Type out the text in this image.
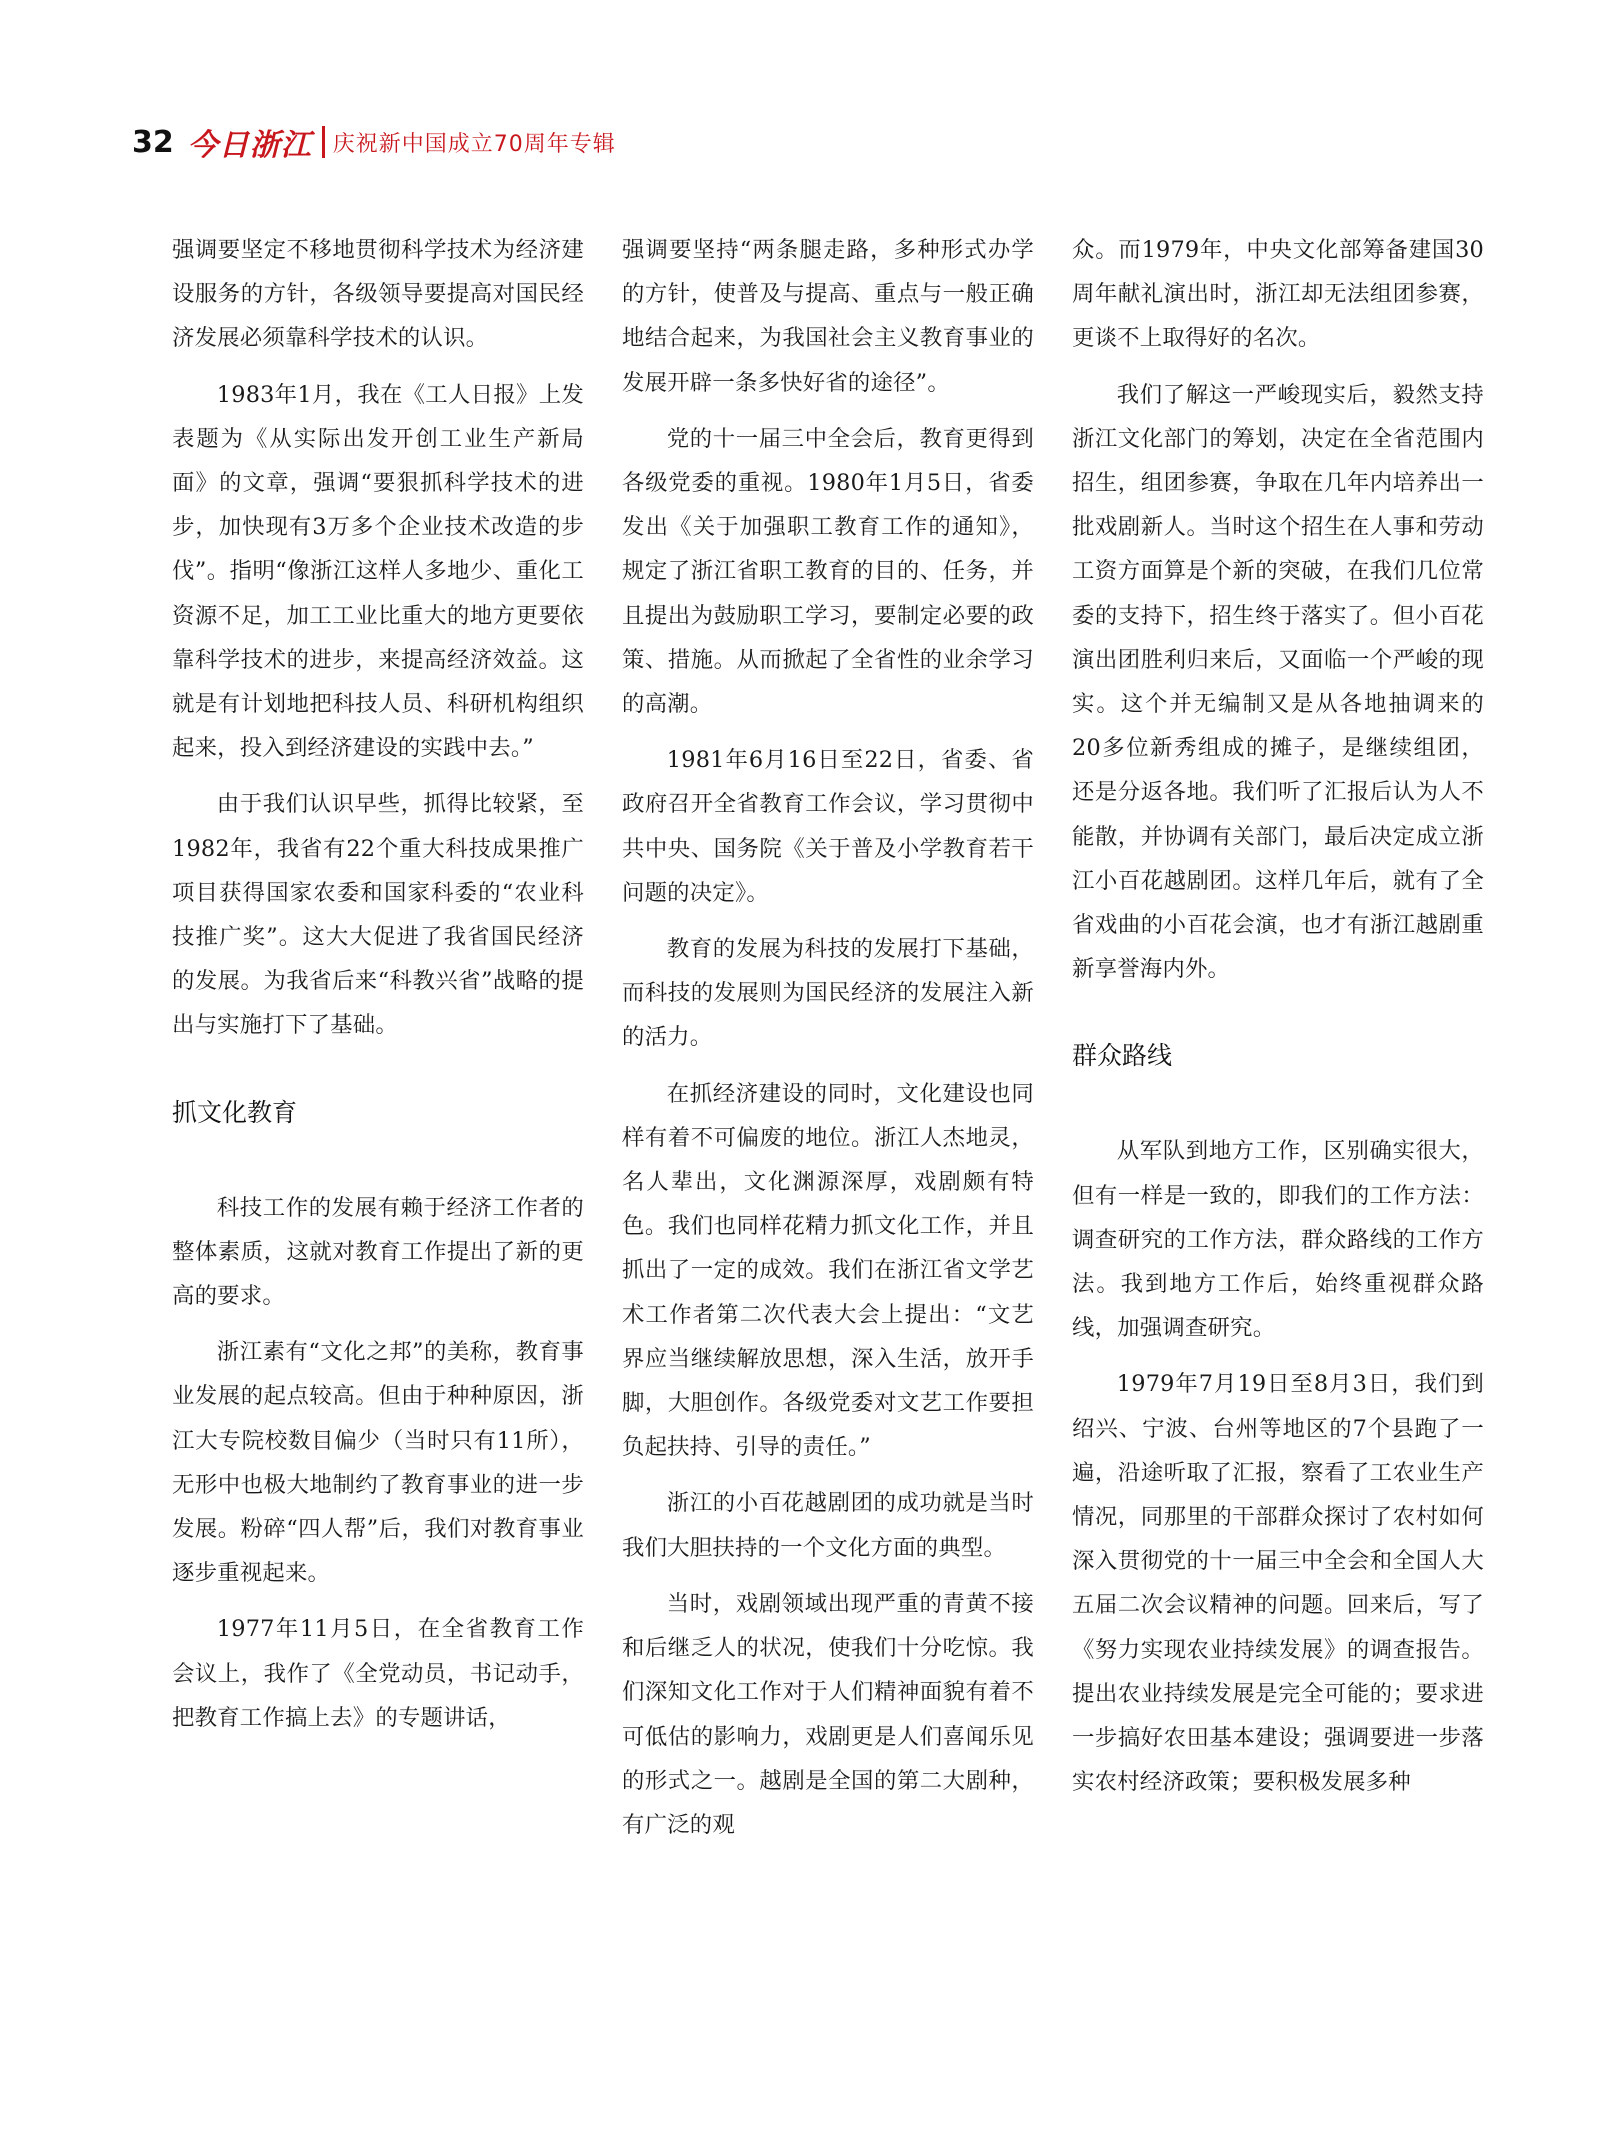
32 今日浙江 庆祝新中国成立70周年专辑

强调要坚定不移地贯彻科学技术为经济建设服务的方针，各级领导要提高对国民经济发展必须靠科学技术的认识。

1983年1月，我在《工人日报》上发表题为《从实际出发开创工业生产新局面》的文章，强调“要狠抓科学技术的进步，加快现有3万多个企业技术改造的步伐”。指明“像浙江这样人多地少、重化工资源不足，加工工业比重大的地方更要依靠科学技术的进步，来提高经济效益。这就是有计划地把科技人员、科研机构组织起来，投入到经济建设的实践中去。”

由于我们认识早些，抓得比较紧，至1982年，我省有22个重大科技成果推广项目获得国家农委和国家科委的“农业科技推广奖”。这大大促进了我省国民经济的发展。为我省后来“科教兴省”战略的提出与实施打下了基础。

抓文化教育

科技工作的发展有赖于经济工作者的整体素质，这就对教育工作提出了新的更高的要求。

浙江素有“文化之邦”的美称，教育事业发展的起点较高。但由于种种原因，浙江大专院校数目偏少（当时只有11所），无形中也极大地制约了教育事业的进一步发展。粉碎“四人帮”后，我们对教育事业逐步重视起来。

1977年11月5日，在全省教育工作会议上，我作了《全党动员，书记动手，把教育工作搞上去》的专题讲话，

强调要坚持“两条腿走路，多种形式办学的方针，使普及与提高、重点与一般正确地结合起来，为我国社会主义教育事业的发展开辟一条多快好省的途径”。

党的十一届三中全会后，教育更得到各级党委的重视。1980年1月5日，省委发出《关于加强职工教育工作的通知》，规定了浙江省职工教育的目的、任务，并且提出为鼓励职工学习，要制定必要的政策、措施。从而掀起了全省性的业余学习的高潮。

1981年6月16日至22日，省委、省政府召开全省教育工作会议，学习贯彻中共中央、国务院《关于普及小学教育若干问题的决定》。

教育的发展为科技的发展打下基础，而科技的发展则为国民经济的发展注入新的活力。

在抓经济建设的同时，文化建设也同样有着不可偏废的地位。浙江人杰地灵，名人辈出，文化渊源深厚，戏剧颇有特色。我们也同样花精力抓文化工作，并且抓出了一定的成效。我们在浙江省文学艺术工作者第二次代表大会上提出：“文艺界应当继续解放思想，深入生活，放开手脚，大胆创作。各级党委对文艺工作要担负起扶持、引导的责任。”

浙江的小百花越剧团的成功就是当时我们大胆扶持的一个文化方面的典型。

当时，戏剧领域出现严重的青黄不接和后继乏人的状况，使我们十分吃惊。我们深知文化工作对于人们精神面貌有着不可低估的影响力，戏剧更是人们喜闻乐见的形式之一。越剧是全国的第二大剧种，有广泛的观

众。而1979年，中央文化部筹备建国30周年献礼演出时，浙江却无法组团参赛，更谈不上取得好的名次。

我们了解这一严峻现实后，毅然支持浙江文化部门的筹划，决定在全省范围内招生，组团参赛，争取在几年内培养出一批戏剧新人。当时这个招生在人事和劳动工资方面算是个新的突破，在我们几位常委的支持下，招生终于落实了。但小百花演出团胜利归来后，又面临一个严峻的现实。这个并无编制又是从各地抽调来的20多位新秀组成的摊子，是继续组团，还是分返各地。我们听了汇报后认为人不能散，并协调有关部门，最后决定成立浙江小百花越剧团。这样几年后，就有了全省戏曲的小百花会演，也才有浙江越剧重新享誉海内外。

群众路线

从军队到地方工作，区别确实很大，但有一样是一致的，即我们的工作方法：调查研究的工作方法，群众路线的工作方法。我到地方工作后，始终重视群众路线，加强调查研究。

1979年7月19日至8月3日，我们到绍兴、宁波、台州等地区的7个县跑了一遍，沿途听取了汇报，察看了工农业生产情况，同那里的干部群众探讨了农村如何深入贯彻党的十一届三中全会和全国人大五届二次会议精神的问题。回来后，写了《努力实现农业持续发展》的调查报告。提出农业持续发展是完全可能的；要求进一步搞好农田基本建设；强调要进一步落实农村经济政策；要积极发展多种
